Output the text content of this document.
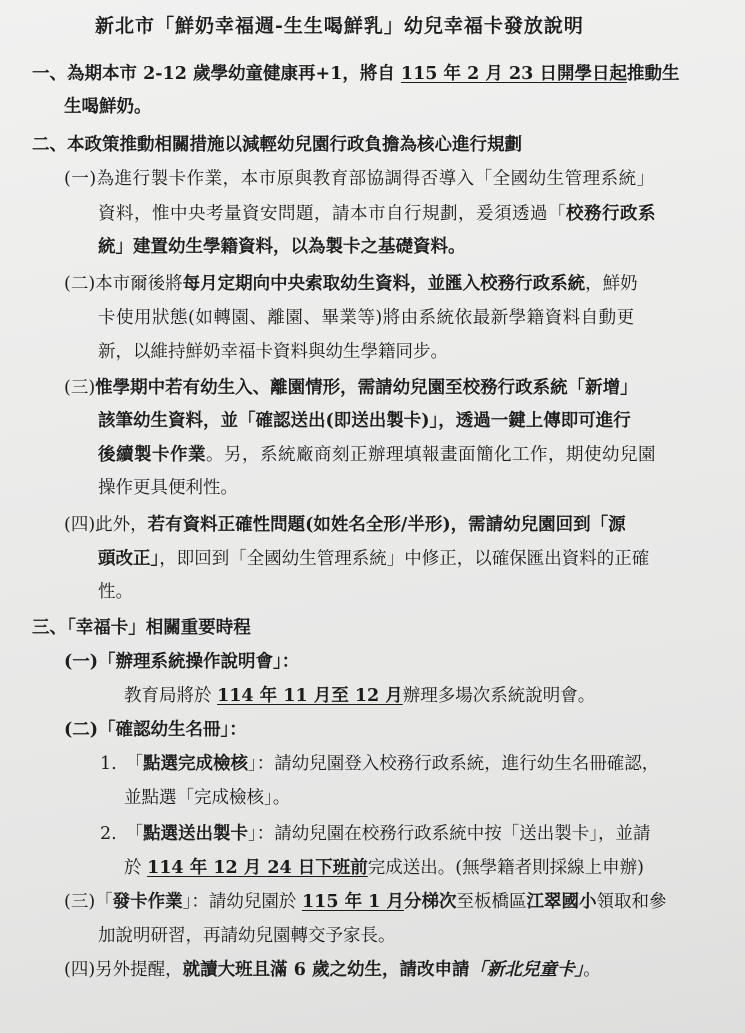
新北市「鮮奶幸福週-生生喝鮮乳」幼兒幸福卡發放說明
一、為期本市 2-12 歲學幼童健康再+1，將自 115 年 2 月 23 日開學日起推動生
生喝鮮奶。
二、本政策推動相關措施以減輕幼兒園行政負擔為核心進行規劃
(一)為進行製卡作業，本市原與教育部協調得否導入「全國幼生管理系統」
資料，惟中央考量資安問題，請本市自行規劃，爰須透過「校務行政系
統」建置幼生學籍資料，以為製卡之基礎資料。
(二)本市爾後將每月定期向中央索取幼生資料，並匯入校務行政系統，鮮奶
卡使用狀態(如轉園、離園、畢業等)將由系統依最新學籍資料自動更
新，以維持鮮奶幸福卡資料與幼生學籍同步。
(三)惟學期中若有幼生入、離園情形，需請幼兒園至校務行政系統「新增」
該筆幼生資料，並「確認送出(即送出製卡)」，透過一鍵上傳即可進行
後續製卡作業。另，系統廠商刻正辦理填報畫面簡化工作，期使幼兒園
操作更具便利性。
(四)此外，若有資料正確性問題(如姓名全形/半形)，需請幼兒園回到「源
頭改正」，即回到「全國幼生管理系統」中修正，以確保匯出資料的正確
性。
三、「幸福卡」相關重要時程
(一)「辦理系統操作說明會」：
教育局將於 114 年 11 月至 12 月辦理多場次系統說明會。
(二)「確認幼生名冊」：
1.　「點選完成檢核」：請幼兒園登入校務行政系統，進行幼生名冊確認，
並點選「完成檢核」。
2.　「點選送出製卡」：請幼兒園在校務行政系統中按「送出製卡」，並請
於 114 年 12 月 24 日下班前完成送出。(無學籍者則採線上申辦)
(三)「發卡作業」：請幼兒園於 115 年 1 月分梯次至板橋區江翠國小領取和參
加說明研習，再請幼兒園轉交予家長。
(四)另外提醒，就讀大班且滿 6 歲之幼生，請改申請「新北兒童卡」。
